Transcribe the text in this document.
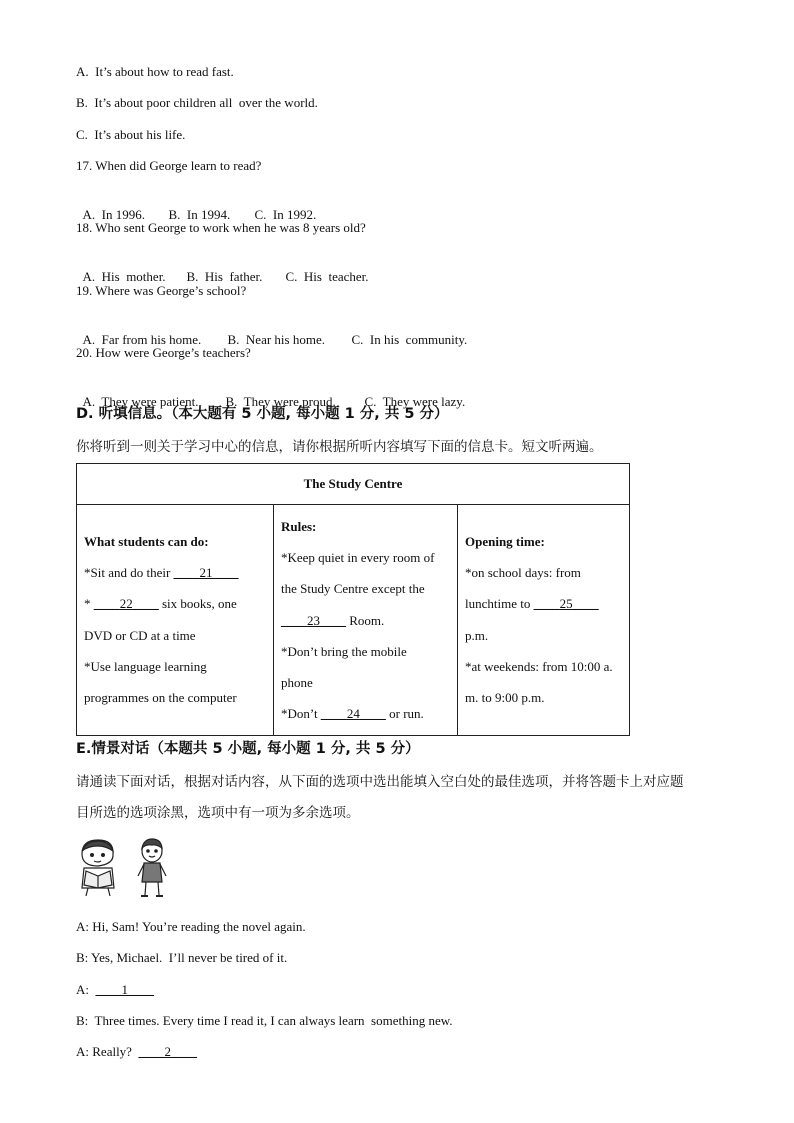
A.  It’s about how to read fast.
B.  It’s about poor children all  over the world.
C.  It’s about his life.
17. When did George learn to read?

A.  In 1996. B.  In 1994. C.  In 1992.

18. Who sent George to work when he was 8 years old?

A.  His  mother. B.  His  father. C.  His  teacher.

19. Where was George’s school?

A.  Far from his home. B.  Near his home. C.  In his  community.

20. How were George’s teachers?

A.  They were patient. B.  They were proud. C.  They were lazy.

D. 听填信息。（本大题有 5 小题, 每小题 1 分, 共 5 分）
你将听到一则关于学习中心的信息，请你根据所听内容填写下面的信息卡。短文听两遍。
The Study Centre
What students can do:
*Sit and do their ____21____
* ____22____ six books, one
DVD or CD at a time
*Use language learning
programmes on the computer	Rules:
*Keep quiet in every room of
the Study Centre except the
____23____ Room.
*Don’t bring the mobile
phone
*Don’t ____24____ or run.	Opening time:
*on school days: from
lunchtime to ____25____
p.m.
*at weekends: from 10:00 a.
m. to 9:00 p.m.
E.情景对话（本题共 5 小题, 每小题 1 分, 共 5 分）
请通读下面对话，根据对话内容，从下面的选项中选出能填入空白处的最佳选项，并将答题卡上对应题
目所选的选项涂黑，选项中有一项为多余选项。
A: Hi, Sam! You’re reading the novel again.
B: Yes, Michael.  I’ll never be tired of it.
A: ____1____
B:  Three times. Every time I read it, I can always learn  something new.
A: Really? ____2____
